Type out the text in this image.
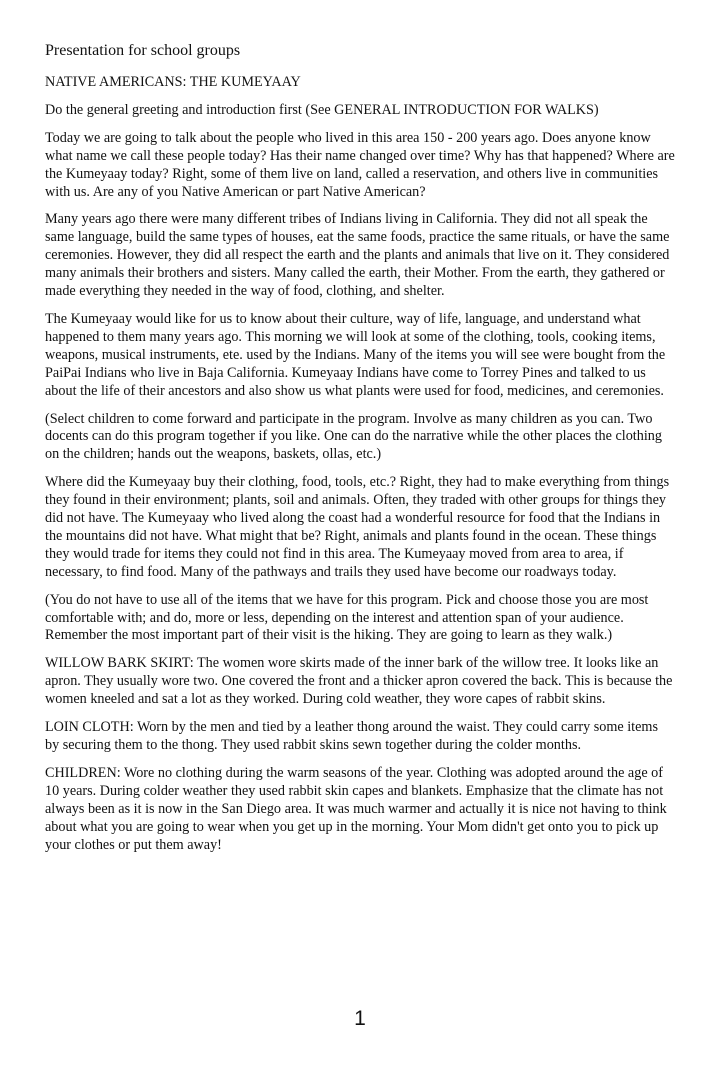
Presentation for school groups

NATIVE AMERICANS: THE KUMEYAAY

Do the general greeting and introduction first (See GENERAL INTRODUCTION FOR WALKS)

Today we are going to talk about the people who lived in this area 150 - 200 years ago. Does anyone know what name we call these people today? Has their name changed over time? Why has that happened? Where are the Kumeyaay today? Right, some of them live on land, called a reservation, and others live in communities with us. Are any of you Native American or part Native American?

Many years ago there were many different tribes of Indians living in California. They did not all speak the same language, build the same types of houses, eat the same foods, practice the same rituals, or have the same ceremonies. However, they did all respect the earth and the plants and animals that live on it. They considered many animals their brothers and sisters. Many called the earth, their Mother. From the earth, they gathered or made everything they needed in the way of food, clothing, and shelter.

The Kumeyaay would like for us to know about their culture, way of life, language, and understand what happened to them many years ago. This morning we will look at some of the clothing, tools, cooking items, weapons, musical instruments, ete. used by the Indians. Many of the items you will see were bought from the PaiPai Indians who live in Baja California. Kumeyaay Indians have come to Torrey Pines and talked to us about the life of their ancestors and also show us what plants were used for food, medicines, and ceremonies.

(Select children to come forward and participate in the program. Involve as many children as you can. Two docents can do this program together if you like. One can do the narrative while the other places the clothing on the children; hands out the weapons, baskets, ollas, etc.)

Where did the Kumeyaay buy their clothing, food, tools, etc.? Right, they had to make everything from things they found in their environment; plants, soil and animals. Often, they traded with other groups for things they did not have. The Kumeyaay who lived along the coast had a wonderful resource for food that the Indians in the mountains did not have. What might that be? Right, animals and plants found in the ocean. These things they would trade for items they could not find in this area. The Kumeyaay moved from area to area, if necessary, to find food. Many of the pathways and trails they used have become our roadways today.

(You do not have to use all of the items that we have for this program. Pick and choose those you are most comfortable with; and do, more or less, depending on the interest and attention span of your audience. Remember the most important part of their visit is the hiking. They are going to learn as they walk.)

WILLOW BARK SKIRT: The women wore skirts made of the inner bark of the willow tree. It looks like an apron. They usually wore two. One covered the front and a thicker apron covered the back. This is because the women kneeled and sat a lot as they worked. During cold weather, they wore capes of rabbit skins.

LOIN CLOTH: Worn by the men and tied by a leather thong around the waist. They could carry some items by securing them to the thong. They used rabbit skins sewn together during the colder months.

CHILDREN: Wore no clothing during the warm seasons of the year. Clothing was adopted around the age of 10 years. During colder weather they used rabbit skin capes and blankets. Emphasize that the climate has not always been as it is now in the San Diego area. It was much warmer and actually it is nice not having to think about what you are going to wear when you get up in the morning. Your Mom didn't get onto you to pick up your clothes or put them away!

1
